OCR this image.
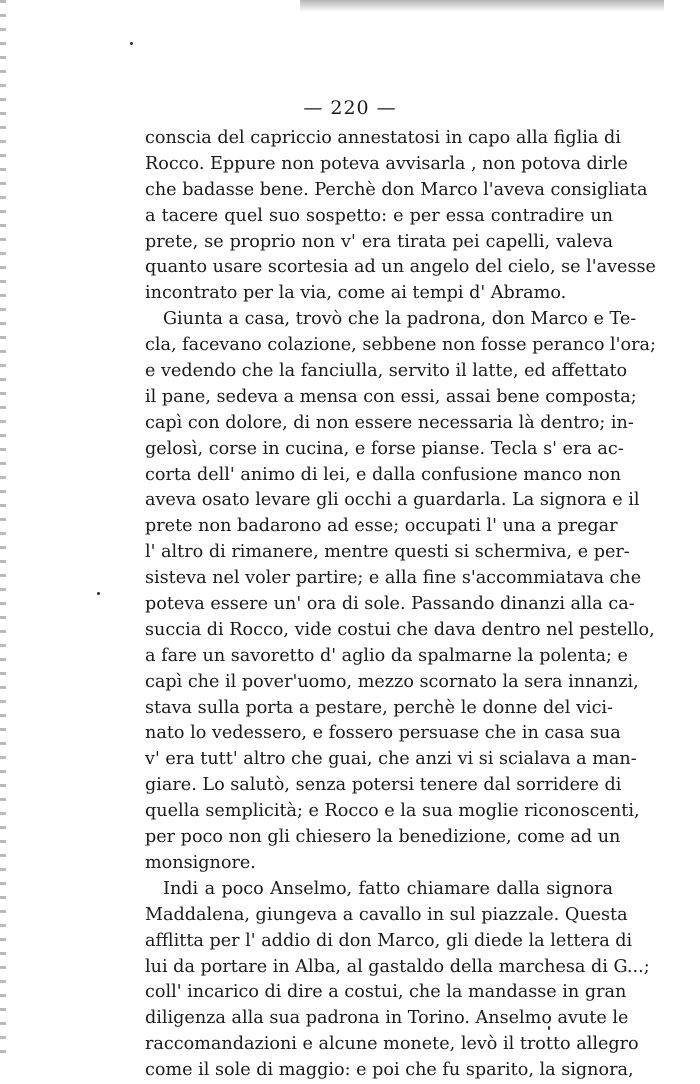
— 220 —
conscia del capriccio annestatosi in capo alla figlia di
Rocco. Eppure non poteva avvisarla , non potova dirle
che badasse bene. Perchè don Marco l'aveva consigliata
a tacere quel suo sospetto: e per essa contradire un
prete, se proprio non v' era tirata pei capelli, valeva
quanto usare scortesia ad un angelo del cielo, se l'avesse
incontrato per la via, come ai tempi d' Abramo.
Giunta a casa, trovò che la padrona, don Marco e Te-
cla, facevano colazione, sebbene non fosse peranco l'ora;
e vedendo che la fanciulla, servito il latte, ed affettato
il pane, sedeva a mensa con essi, assai bene composta;
capì con dolore, di non essere necessaria là dentro; in-
gelosì, corse in cucina, e forse pianse. Tecla s' era ac-
corta dell' animo di lei, e dalla confusione manco non
aveva osato levare gli occhi a guardarla. La signora e il
prete non badarono ad esse; occupati l' una a pregar
l' altro di rimanere, mentre questi si schermiva, e per-
sisteva nel voler partire; e alla fine s'accommiatava che
poteva essere un' ora di sole. Passando dinanzi alla ca-
succia di Rocco, vide costui che dava dentro nel pestello,
a fare un savoretto d' aglio da spalmarne la polenta; e
capì che il pover'uomo, mezzo scornato la sera innanzi,
stava sulla porta a pestare, perchè le donne del vici-
nato lo vedessero, e fossero persuase che in casa sua
v' era tutt' altro che guai, che anzi vi si scialava a man-
giare. Lo salutò, senza potersi tenere dal sorridere di
quella semplicità; e Rocco e la sua moglie riconoscenti,
per poco non gli chiesero la benedizione, come ad un
monsignore.
Indi a poco Anselmo, fatto chiamare dalla signora
Maddalena, giungeva a cavallo in sul piazzale. Questa
afflitta per l' addio di don Marco, gli diede la lettera di
lui da portare in Alba, al gastaldo della marchesa di G...;
coll' incarico di dire a costui, che la mandasse in gran
diligenza alla sua padrona in Torino. Anselmo avute le
raccomandazioni e alcune monete, levò il trotto allegro
come il sole di maggio: e poi che fu sparito, la signora,
